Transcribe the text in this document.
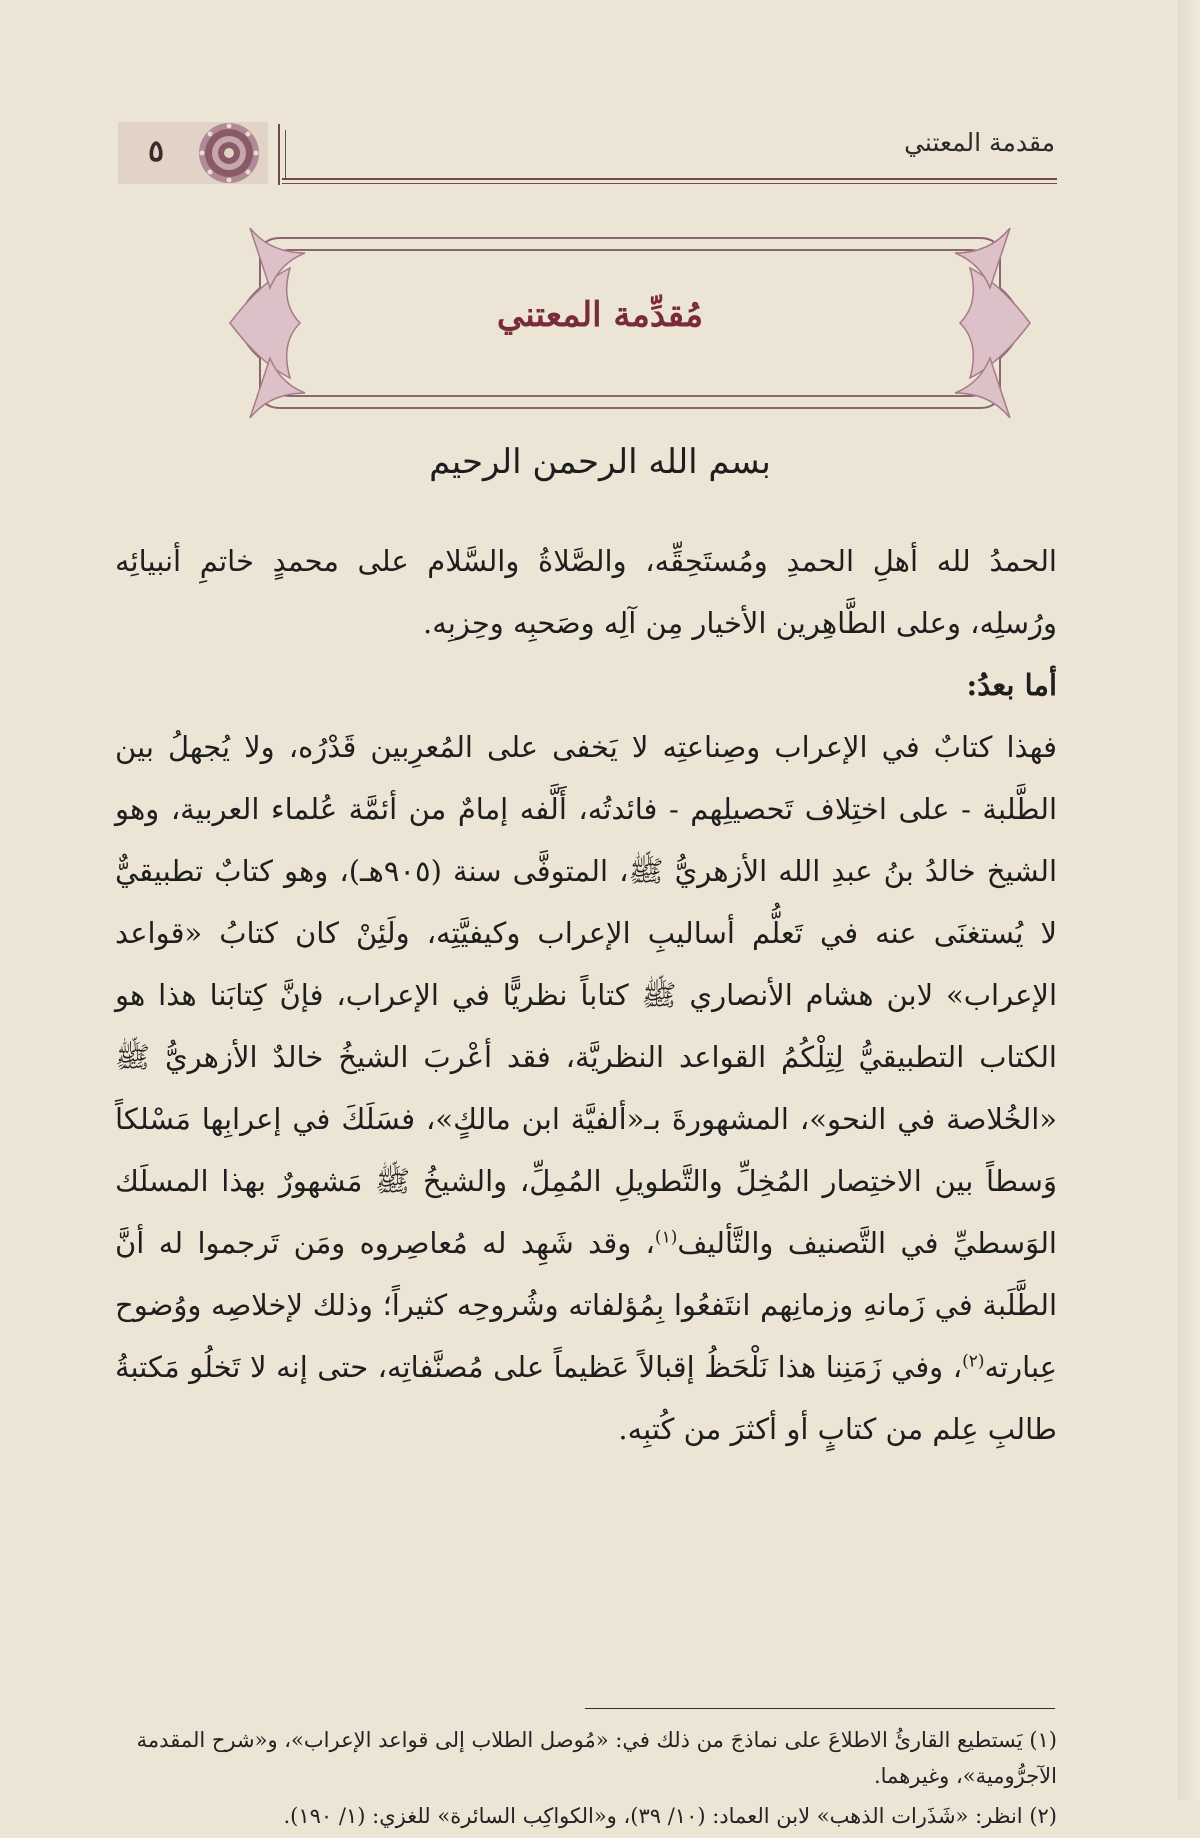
٥	مقدمة المعتني
مُقدِّمة المعتني
بسم الله الرحمن الرحيم

الحمدُ لله أهلِ الحمدِ ومُستَحِقِّه، والصَّلاةُ والسَّلام على محمدٍ خاتمِ أنبيائِه ورُسلِه، وعلى الطَّاهِرين الأخيار مِن آلِه وصَحبِه وحِزبِه.

أما بعدُ:

فهذا كتابٌ في الإعراب وصِناعتِه لا يَخفى على المُعرِبين قَدْرُه، ولا يُجهلُ بين الطَّلبة - على اختِلاف تَحصيلِهم - فائدتُه، أَلَّفه إمامٌ من أئمَّة عُلماء العربية، وهو الشيخ خالدُ بنُ عبدِ الله الأزهريُّ ﷺ، المتوفَّى سنة (٩٠٥هـ)، وهو كتابٌ تطبيقيٌّ لا يُستغنَى عنه في تَعلُّم أساليبِ الإعراب وكيفيَّتِه، ولَئِنْ كان كتابُ «قواعد الإعراب» لابن هشام الأنصاري ﷺ كتاباً نظريًّا في الإعراب، فإنَّ كِتابَنا هذا هو الكتاب التطبيقيُّ لِتِلْكُمُ القواعد النظريَّة، فقد أعْربَ الشيخُ خالدٌ الأزهريُّ ﷺ «الخُلاصة في النحو»، المشهورةَ بـ«ألفيَّة ابن مالكٍ»، فسَلَكَ في إعرابِها مَسْلكاً وَسطاً بين الاختِصار المُخِلِّ والتَّطويلِ المُمِلِّ، والشيخُ ﷺ مَشهورٌ بهذا المسلَك الوَسطيِّ في التَّصنيف والتَّأليف$^{(١)}$، وقد شَهِد له مُعاصِروه ومَن تَرجموا له أنَّ الطَّلَبة في زَمانهِ وزمانِهم انتَفعُوا بِمُؤلفاته وشُروحِه كثيراً؛ وذلك لإخلاصِه ووُضوح عِبارته$^{(٢)}$، وفي زَمَنِنا هذا نَلْحَظُ إقبالاً عَظيماً على مُصنَّفاتِه، حتى إنه لا تَخلُو مَكتبةُ طالبِ عِلم من كتابٍ أو أكثرَ من كُتبِه.

(١) يَستطيع القارئُ الاطلاعَ على نماذجَ من ذلك في: «مُوصل الطلاب إلى قواعد الإعراب»، و«شرح المقدمة الآجرُّومية»، وغيرهما.

(٢) انظر: «شَذَرات الذهب» لابن العماد: (١٠/ ٣٩)، و«الكواكِب السائرة» للغزي: (١/ ١٩٠).
